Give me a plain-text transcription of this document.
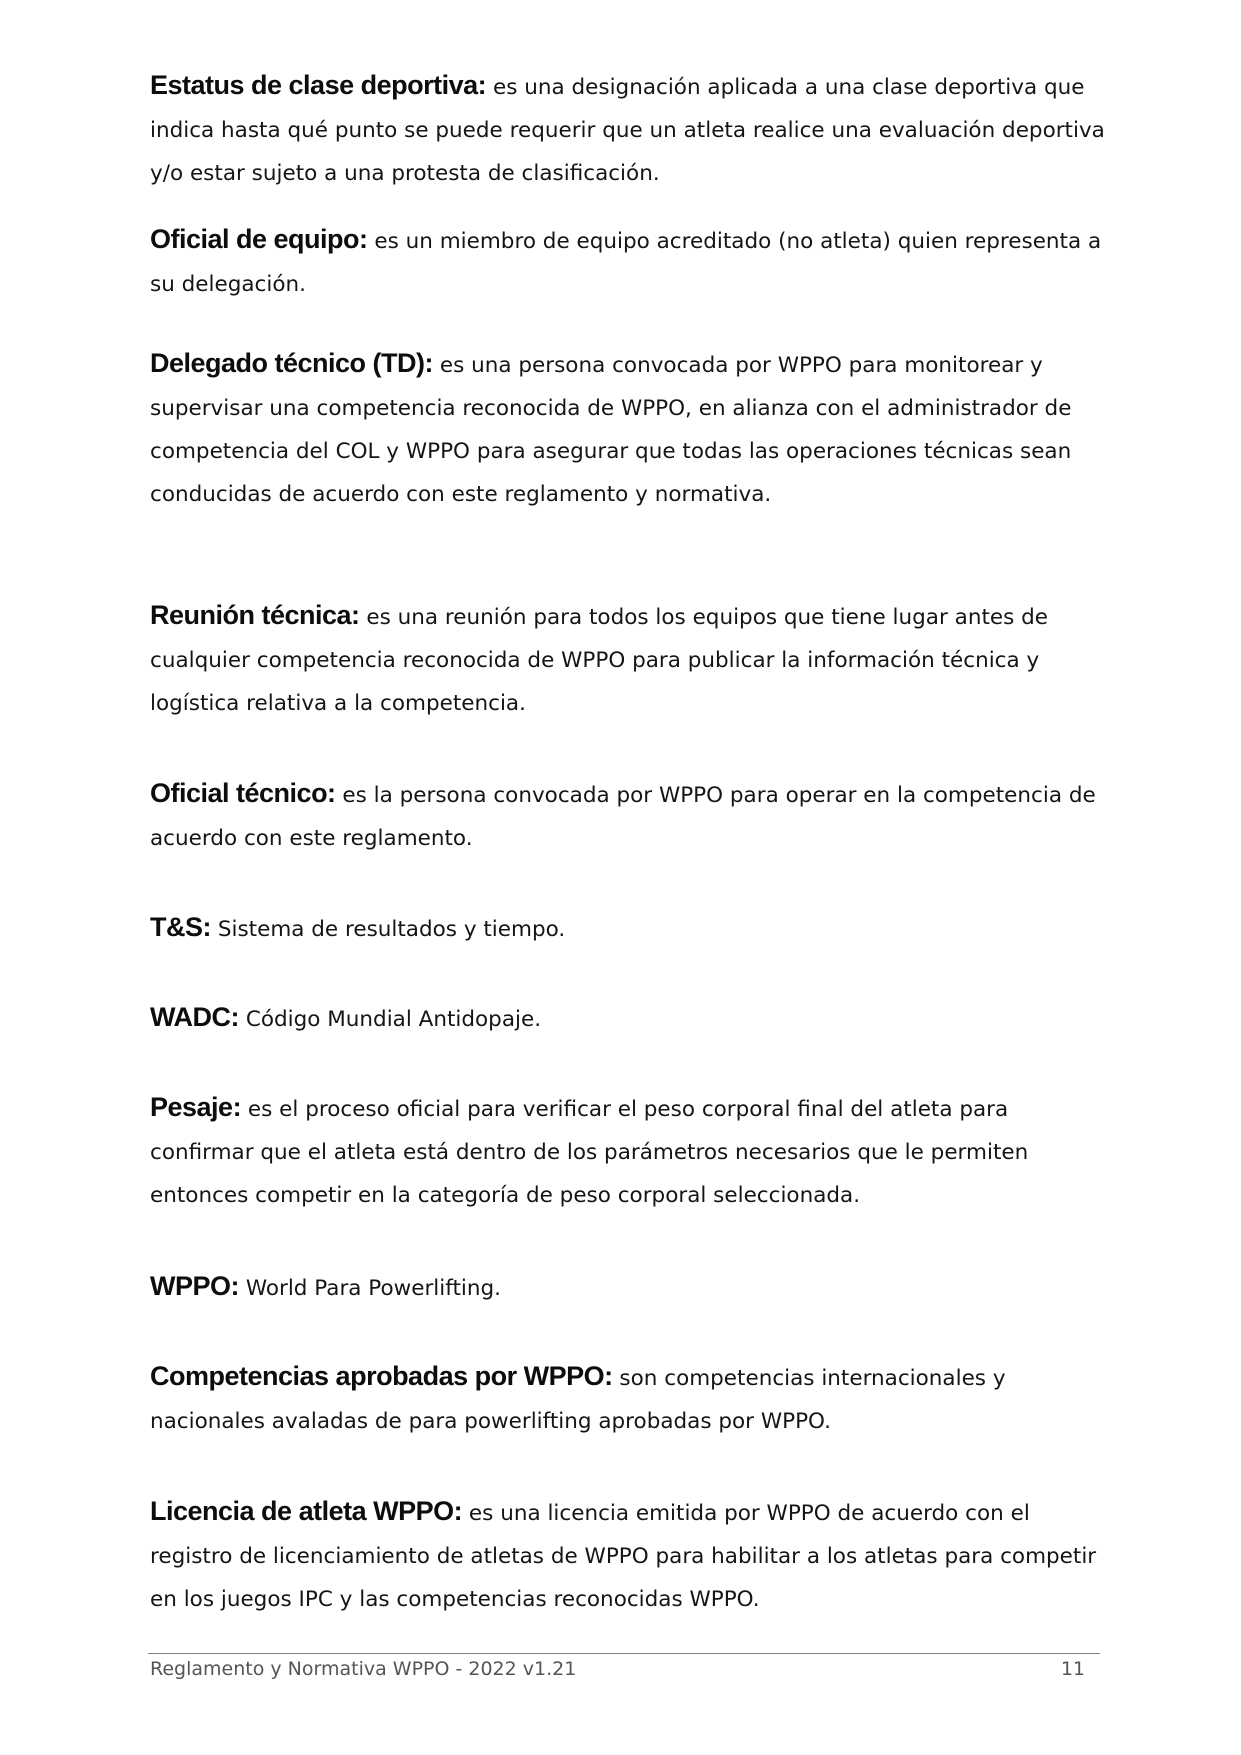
Estatus de clase deportiva: es una designación aplicada a una clase deportiva que indica hasta qué punto se puede requerir que un atleta realice una evaluación deportiva y/o estar sujeto a una protesta de clasificación.

Oficial de equipo: es un miembro de equipo acreditado (no atleta) quien representa a su delegación.

Delegado técnico (TD): es una persona convocada por WPPO para monitorear y supervisar una competencia reconocida de WPPO, en alianza con el administrador de competencia del COL y WPPO para asegurar que todas las operaciones técnicas sean conducidas de acuerdo con este reglamento y normativa.

Reunión técnica: es una reunión para todos los equipos que tiene lugar antes de cualquier competencia reconocida de WPPO para publicar la información técnica y logística relativa a la competencia.

Oficial técnico: es la persona convocada por WPPO para operar en la competencia de acuerdo con este reglamento.

T&S: Sistema de resultados y tiempo.

WADC: Código Mundial Antidopaje.

Pesaje: es el proceso oficial para verificar el peso corporal final del atleta para confirmar que el atleta está dentro de los parámetros necesarios que le permiten entonces competir en la categoría de peso corporal seleccionada.

WPPO: World Para Powerlifting.

Competencias aprobadas por WPPO: son competencias internacionales y nacionales avaladas de para powerlifting aprobadas por WPPO.

Licencia de atleta WPPO: es una licencia emitida por WPPO de acuerdo con el registro de licenciamiento de atletas de WPPO para habilitar a los atletas para competir en los juegos IPC y las competencias reconocidas WPPO.

Reglamento y Normativa WPPO - 2022 v1.21	11
